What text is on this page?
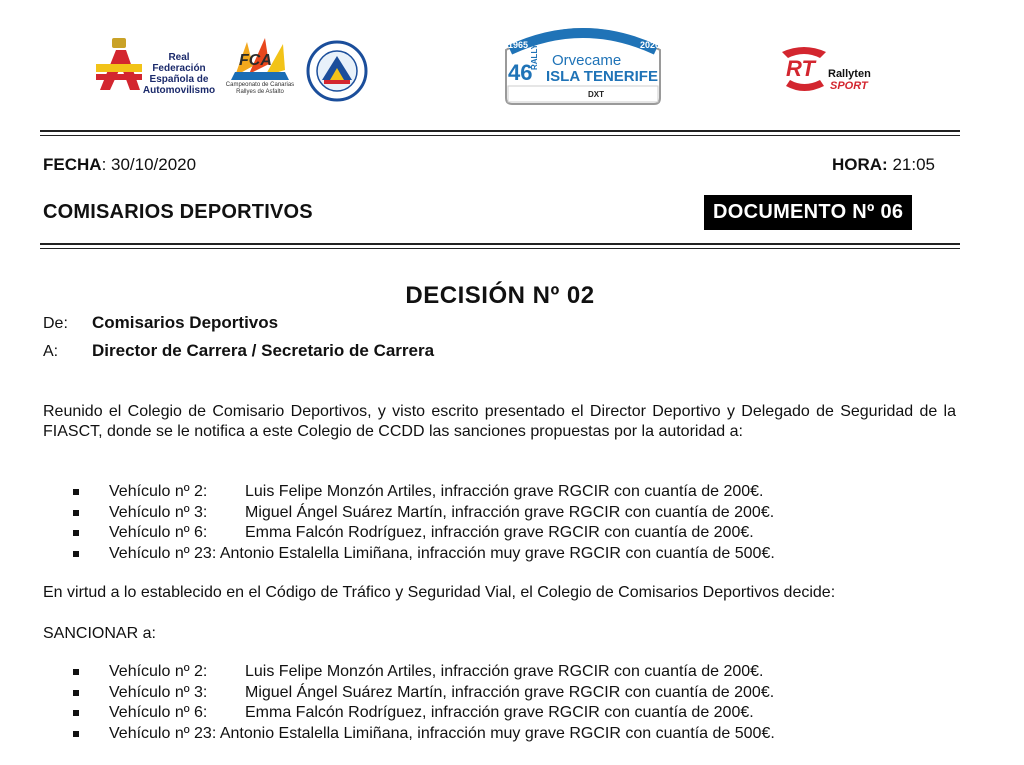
Real Federación
Española de
Automovilismo
FCA
Campeonato de Canarias Rallyes de Asfalto
1965	2020
46
RALLYE Orvecame
ISLA TENERIFE
DXT
RT Rallyten
SPORT
FECHA: 30/10/2020	HORA: 21:05
COMISARIOS DEPORTIVOS	DOCUMENTO Nº 06
DECISIÓN Nº 02
De: Comisarios Deportivos
A: Director de Carrera / Secretario de Carrera
Reunido el Colegio de Comisario Deportivos, y visto escrito presentado el Director Deportivo y Delegado de Seguridad de la FIASCT, donde se le notifica a este Colegio de CCDD las sanciones propuestas por la autoridad a:
Vehículo nº 2: Luis Felipe Monzón Artiles, infracción grave RGCIR con cuantía de 200€.
Vehículo nº 3: Miguel Ángel Suárez Martín, infracción grave RGCIR con cuantía de 200€.
Vehículo nº 6: Emma Falcón Rodríguez, infracción grave RGCIR con cuantía de 200€.
Vehículo nº 23: Antonio Estalella Limiñana, infracción muy grave RGCIR con cuantía de 500€.
En virtud a lo establecido en el Código de Tráfico y Seguridad Vial, el Colegio de Comisarios Deportivos decide:
SANCIONAR a:
Vehículo nº 2: Luis Felipe Monzón Artiles, infracción grave RGCIR con cuantía de 200€.
Vehículo nº 3: Miguel Ángel Suárez Martín, infracción grave RGCIR con cuantía de 200€.
Vehículo nº 6: Emma Falcón Rodríguez, infracción grave RGCIR con cuantía de 200€.
Vehículo nº 23: Antonio Estalella Limiñana, infracción muy grave RGCIR con cuantía de 500€.
